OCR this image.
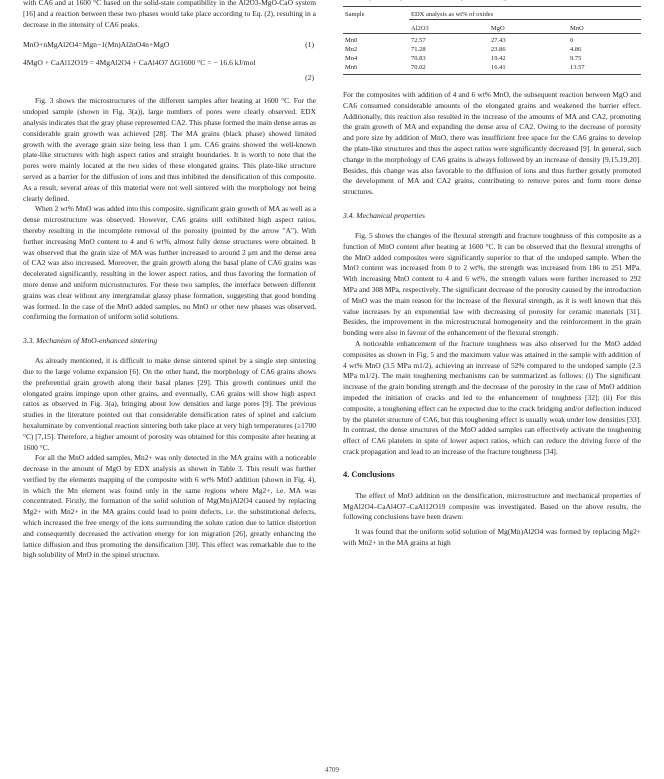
with CA6 and at 1600 °C based on the solid-state compatibility in the Al2O3-MgO-CaO system [16] and a reaction between these two phases would take place according to Eq. (2), resulting in a decrease in the intensity of CA6 peaks.

MnO+nMgAl2O4=Mgn−1(Mn)Al2nO4n+MgO	(1)
4MgO + CaAl12O19 = 4MgAl2O4 + CaAl4O7 ΔG1600 °C = − 16.6 kJ/mol
(2)

Fig. 3 shows the microstructures of the different samples after heating at 1600 °C. For the undoped sample (shown in Fig. 3(a)), large numbers of pores were clearly observed. EDX analysis indicates that the gray phase represented CA2. This phase formed the main dense areas as considerable grain growth was achieved [28]. The MA grains (black phase) showed limited growth with the average grain size being less than 1 μm. CA6 grains showed the well-known plate-like structures with high aspect ratios and straight boundaries. It is worth to note that the pores were mainly located at the two sides of these elongated grains. This plate-like structure served as a barrier for the diffusion of ions and thus inhibited the densification of this composite. As a result, several areas of this material were not well sintered with the morphology not being clearly defined.

When 2 wt% MnO was added into this composite, significant grain growth of MA as well as a dense microstructure was observed. However, CA6 grains still exhibited high aspect ratios, thereby resulting in the incomplete removal of the porosity (pointed by the arrow "A"). With further increasing MnO content to 4 and 6 wt%, almost fully dense structures were obtained. It was observed that the grain size of MA was further increased to around 2 μm and the dense area of CA2 was also increased. Moreover, the grain growth along the basal plane of CA6 grains was decelerated significantly, resulting in the lower aspect ratios, and thus favoring the formation of more dense and uniform microstructures. For these two samples, the interface between different grains was clear without any intergranular glassy phase formation, suggesting that good bonding was formed. In the case of the MnO added samples, no MnO or other new phases was observed, confirming the formation of uniform solid solutions.

3.3. Mechanism of MnO-enhanced sintering

As already mentioned, it is difficult to make dense sintered spinel by a single step sintering due to the large volume expansion [6]. On the other hand, the morphology of CA6 grains shows the preferential grain growth along their basal planes [29]. This growth continues until the elongated grains impinge upon other grains, and eventually, CA6 grains will show high aspect ratios as observed in Fig. 3(a), bringing about low densities and large pores [9]. The previous studies in the literature pointed out that considerable densification rates of spinel and calcium hexaluminate by conventional reaction sintering both take place at very high temperatures (≥1700 °C) [7,15]. Therefore, a higher amount of porosity was obtained for this composite after heating at 1600 °C.

For all the MnO added samples, Mn2+ was only detected in the MA grains with a noticeable decrease in the amount of MgO by EDX analysis as shown in Table 3. This result was further verified by the elements mapping of the composite with 6 wt% MnO addition (shown in Fig. 4), in which the Mn element was found only in the same regions where Mg2+, i.e. MA was concentrated. Firstly, the formation of the solid solution of Mg(Mn)Al2O4 caused by replacing Mg2+ with Mn2+ in the MA grains could lead to point defects, i.e. the substitutional defects, which increased the free energy of the ions surrounding the solute cation due to lattice distortion and consequently decreased the activation energy for ion migration [26], greatly enhancing the lattice diffusion and thus promoting the densification [30]. This effect was remarkable due to the high solubility of MnO in the spinel structure.

Sample	EDX analysis as wt% of oxides		
	Al2O3	MgO	MnO
Mn0	72.57	27.43	0
Mn2	71.28	23.86	4.86
Mn4	70.83	19.42	9.75
Mn6	70.02	16.41	13.57

For the composites with addition of 4 and 6 wt% MnO, the subsequent reaction between MgO and CA6 consumed considerable amounts of the elongated grains and weakened the barrier effect. Additionally, this reaction also resulted in the increase of the amounts of MA and CA2, promoting the grain growth of MA and expanding the dense area of CA2. Owing to the decrease of porosity and pore size by addition of MnO, there was insufficient free space for the CA6 grains to develop the plate-like structures and thus the aspect ratios were significantly decreased [9]. In general, such change in the morphology of CA6 grains is always followed by an increase of density [9,15,19,20]. Besides, this change was also favorable to the diffusion of ions and thus further greatly promoted the development of MA and CA2 grains, contributing to remove pores and form more dense structures.

3.4. Mechanical properties

Fig. 5 shows the changes of the flexural strength and fracture toughness of this composite as a function of MnO content after heating at 1600 °C. It can be observed that the flexural strengths of the MnO added composites were significantly superior to that of the undoped sample. When the MnO content was increased from 0 to 2 wt%, the strength was increased from 186 to 251 MPa. With increasing MnO content to 4 and 6 wt%, the strength values were further increased to 292 MPa and 308 MPa, respectively. The significant decrease of the porosity caused by the introduction of MnO was the main reason for the increase of the flexural strength, as it is well known that this value increases by an exponential law with decreasing of porosity for ceramic materials [31]. Besides, the improvement in the microstructural homogeneity and the reinforcement in the grain bonding were also in favour of the enhancement of the flexural strength.

A noticeable enhancement of the fracture toughness was also observed for the MnO added composites as shown in Fig. 5 and the maximum value was attained in the sample with addition of 4 wt% MnO (3.5 MPa m1/2), achieving an increase of 52% compared to the undoped sample (2.3 MPa m1/2). The main toughening mechanisms can be summarized as follows: (i) The significant increase of the grain bonding strength and the decrease of the porosity in the case of MnO addition impeded the initiation of cracks and led to the enhancement of toughness [32]; (ii) For this composite, a toughening effect can be expected due to the crack bridging and/or deflection induced by the platelet structure of CA6, but this toughening effect is usually weak under low densities [33]. In contrast, the dense structures of the MnO added samples can effectively activate the toughening effect of CA6 platelets in spite of lower aspect ratios, which can reduce the driving force of the crack propagation and lead to an increase of the fracture toughness [34].

4. Conclusions

The effect of MnO addition on the densification, microstructure and mechanical properties of MgAl2O4–CaAl4O7–CaAl12O19 composite was investigated. Based on the above results, the following conclusions have been drawn:

It was found that the uniform solid solution of Mg(Mn)Al2O4 was formed by replacing Mg2+ with Mn2+ in the MA grains at high

4709
